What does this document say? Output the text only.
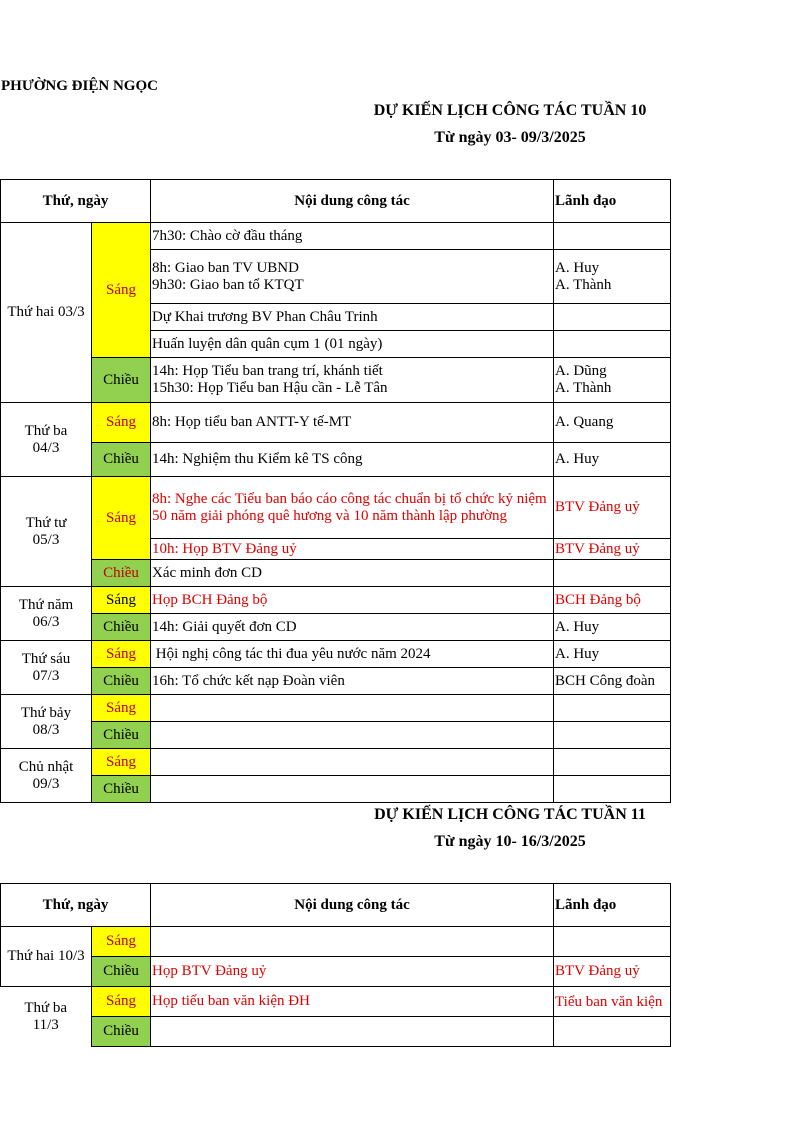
PHƯỜNG ĐIỆN NGỌC
DỰ KIẾN LỊCH CÔNG TÁC TUẦN 10
Từ ngày 03- 09/3/2025
Thứ, ngày		Nội dung công tác	Lãnh đạo
Thứ hai 03/3	Sáng	7h30: Chào cờ đầu tháng	

		8h: Giao ban TV UBND
9h30: Giao ban tổ KTQT	A. Huy
A. Thành

		Dự Khai trương BV Phan Châu Trinh	
		Huấn luyện dân quân cụm 1 (01 ngày)	
	Chiều	14h: Họp Tiểu ban trang trí, khánh tiết
15h30: Họp Tiểu ban Hậu cần - Lễ Tân	A. Dũng
A. Thành

Thứ ba 04/3	Sáng	8h: Họp tiểu ban ANTT-Y tế-MT	A. Quang
	Chiều	14h: Nghiệm thu Kiểm kê TS công	A. Huy
Thứ tư 05/3	Sáng	8h: Nghe các Tiểu ban báo cáo công tác chuẩn bị tổ chức kỷ niệm 50 năm giải phóng quê hương và 10 năm thành lập phường	BTV Đảng uỷ
		10h: Họp BTV Đảng uỷ	BTV Đảng uỷ
	Chiều	Xác minh đơn CD	
Thứ năm 06/3	Sáng	Họp BCH Đảng bộ	BCH Đảng bộ
	Chiều	14h: Giải quyết đơn CD	A. Huy
Thứ sáu 07/3	Sáng	Hội nghị công tác thi đua yêu nước năm 2024	A. Huy
	Chiều	16h: Tổ chức kết nạp Đoàn viên	BCH Công đoàn
Thứ bảy 08/3	Sáng		
	Chiều		
Chủ nhật 09/3	Sáng		
	Chiều		
DỰ KIẾN LỊCH CÔNG TÁC TUẦN 11
Từ ngày 10- 16/3/2025
Thứ, ngày		Nội dung công tác	Lãnh đạo
Thứ hai 10/3	Sáng		
	Chiều	Họp BTV Đảng uỷ	BTV Đảng uỷ
Thứ ba 11/3	Sáng	Họp tiểu ban văn kiện ĐH	Tiểu ban văn kiện
	Chiều		
